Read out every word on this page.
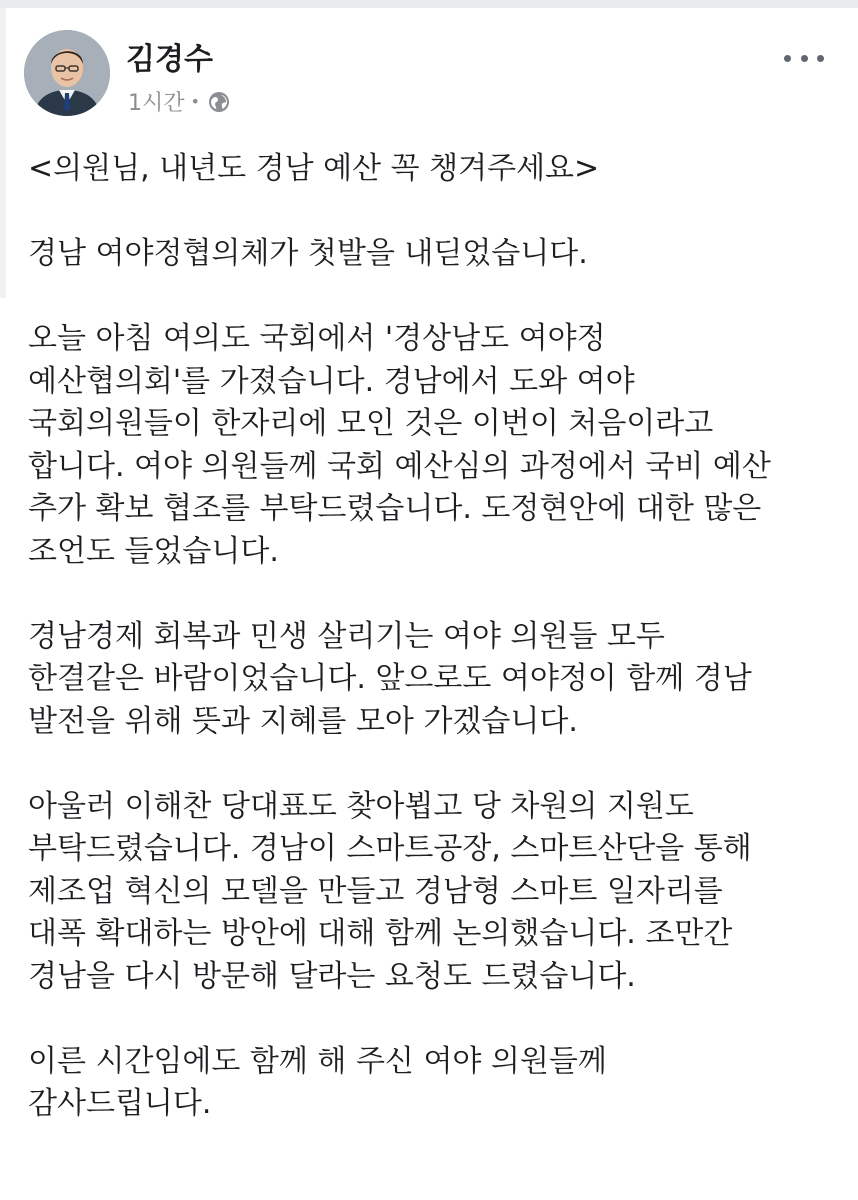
김경수
1시간 •

<의원님, 내년도 경남 예산 꼭 챙겨주세요>

경남 여야정협의체가 첫발을 내딛었습니다.

오늘 아침 여의도 국회에서 '경상남도 여야정
예산협의회'를 가졌습니다. 경남에서 도와 여야
국회의원들이 한자리에 모인 것은 이번이 처음이라고
합니다. 여야 의원들께 국회 예산심의 과정에서 국비 예산
추가 확보 협조를 부탁드렸습니다. 도정현안에 대한 많은
조언도 들었습니다.

경남경제 회복과 민생 살리기는 여야 의원들 모두
한결같은 바람이었습니다. 앞으로도 여야정이 함께 경남
발전을 위해 뜻과 지혜를 모아 가겠습니다.

아울러 이해찬 당대표도 찾아뵙고 당 차원의 지원도
부탁드렸습니다. 경남이 스마트공장, 스마트산단을 통해
제조업 혁신의 모델을 만들고 경남형 스마트 일자리를
대폭 확대하는 방안에 대해 함께 논의했습니다. 조만간
경남을 다시 방문해 달라는 요청도 드렸습니다.

이른 시간임에도 함께 해 주신 여야 의원들께
감사드립니다.
